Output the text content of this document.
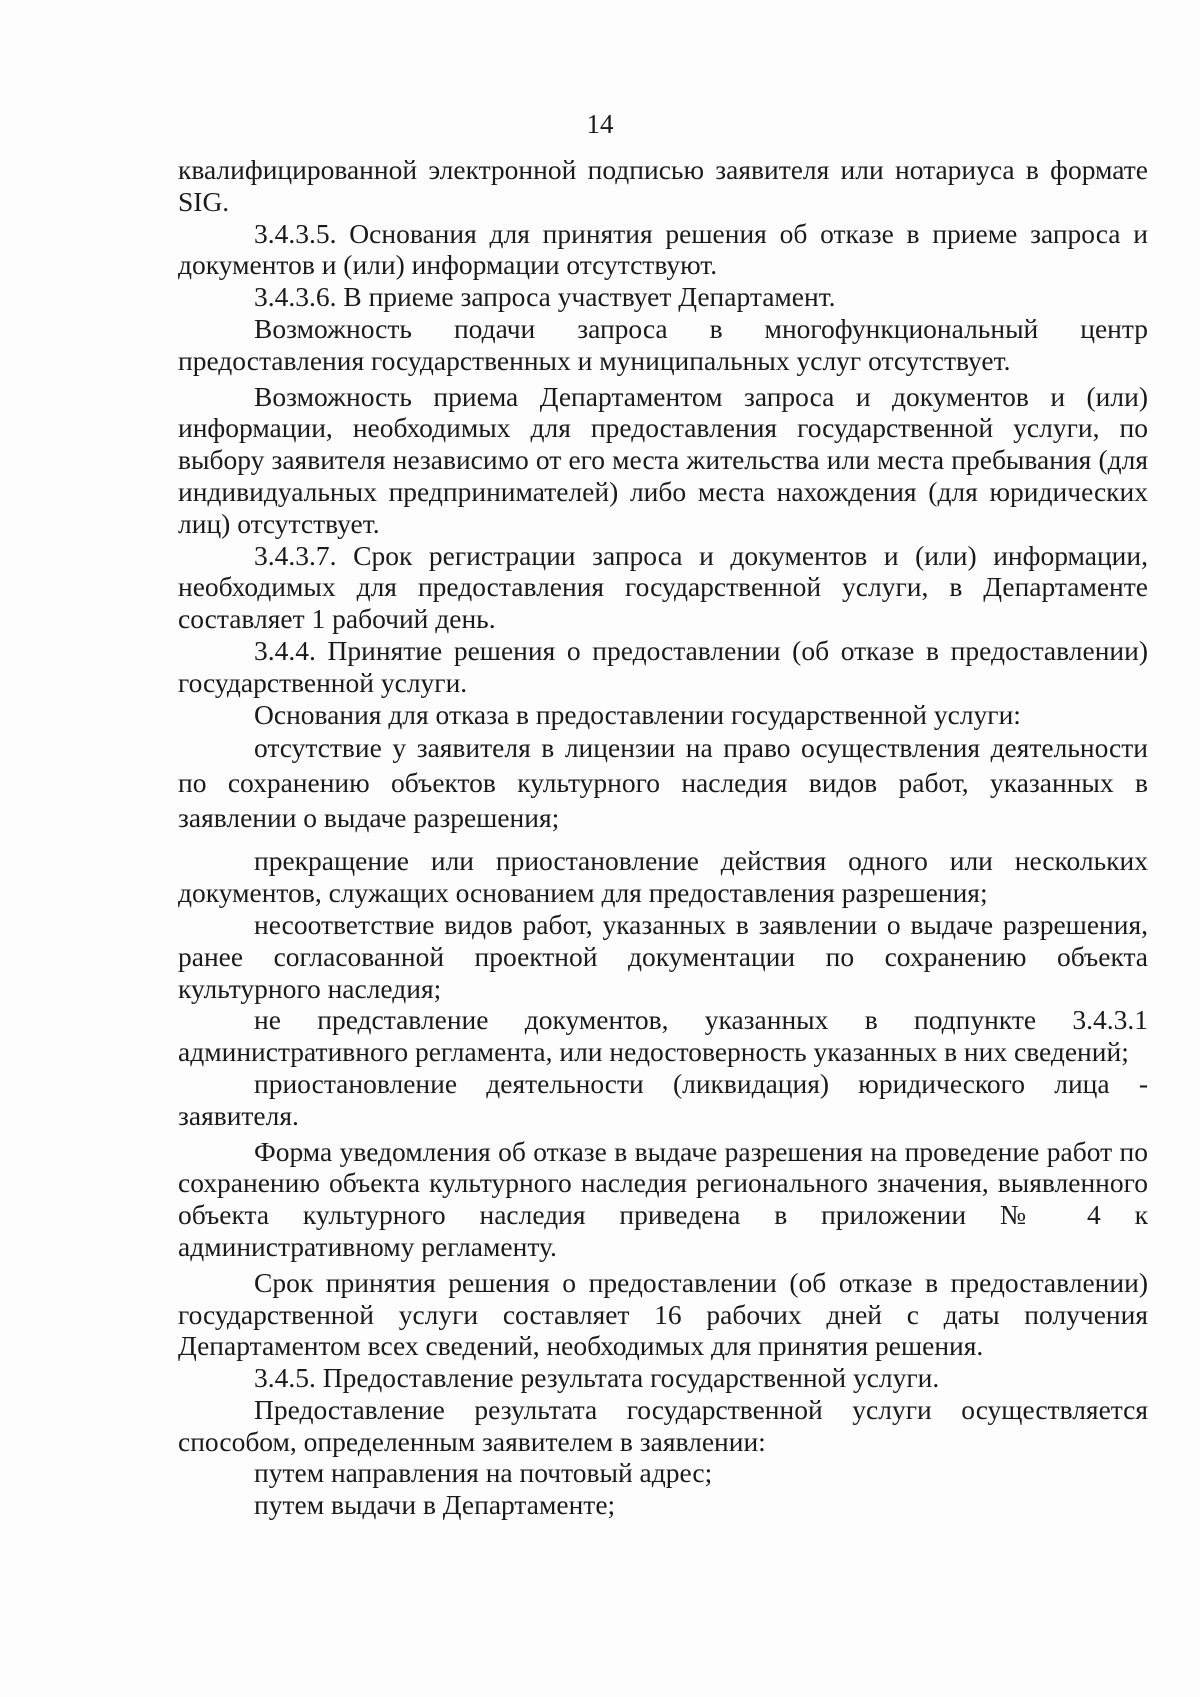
14

квалифицированной электронной подписью заявителя или нотариуса в формате SIG.

3.4.3.5. Основания для принятия решения об отказе в приеме запроса и документов и (или) информации отсутствуют.

3.4.3.6. В приеме запроса участвует Департамент.

Возможность подачи запроса в многофункциональный центр предоставления государственных и муниципальных услуг отсутствует.

Возможность приема Департаментом запроса и документов и (или) информации, необходимых для предоставления государственной услуги, по выбору заявителя независимо от его места жительства или места пребывания (для индивидуальных предпринимателей) либо места нахождения (для юридических лиц) отсутствует.

3.4.3.7. Срок регистрации запроса и документов и (или) информации, необходимых для предоставления государственной услуги, в Департаменте составляет 1 рабочий день.

3.4.4. Принятие решения о предоставлении (об отказе в предоставлении) государственной услуги.

Основания для отказа в предоставлении государственной услуги:

отсутствие у заявителя в лицензии на право осуществления деятельности по сохранению объектов культурного наследия видов работ, указанных в заявлении о выдаче разрешения;

прекращение или приостановление действия одного или нескольких документов, служащих основанием для предоставления разрешения;

несоответствие видов работ, указанных в заявлении о выдаче разрешения, ранее согласованной проектной документации по сохранению объекта культурного наследия;

не представление документов, указанных в подпункте 3.4.3.1 административного регламента, или недостоверность указанных в них сведений;

приостановление деятельности (ликвидация) юридического лица - заявителя.

Форма уведомления об отказе в выдаче разрешения на проведение работ по сохранению объекта культурного наследия регионального значения, выявленного объекта культурного наследия приведена в приложении № 4 к административному регламенту.

Срок принятия решения о предоставлении (об отказе в предоставлении) государственной услуги составляет 16 рабочих дней с даты получения Департаментом всех сведений, необходимых для принятия решения.

3.4.5. Предоставление результата государственной услуги.

Предоставление результата государственной услуги осуществляется способом, определенным заявителем в заявлении:

путем направления на почтовый адрес;

путем выдачи в Департаменте;
